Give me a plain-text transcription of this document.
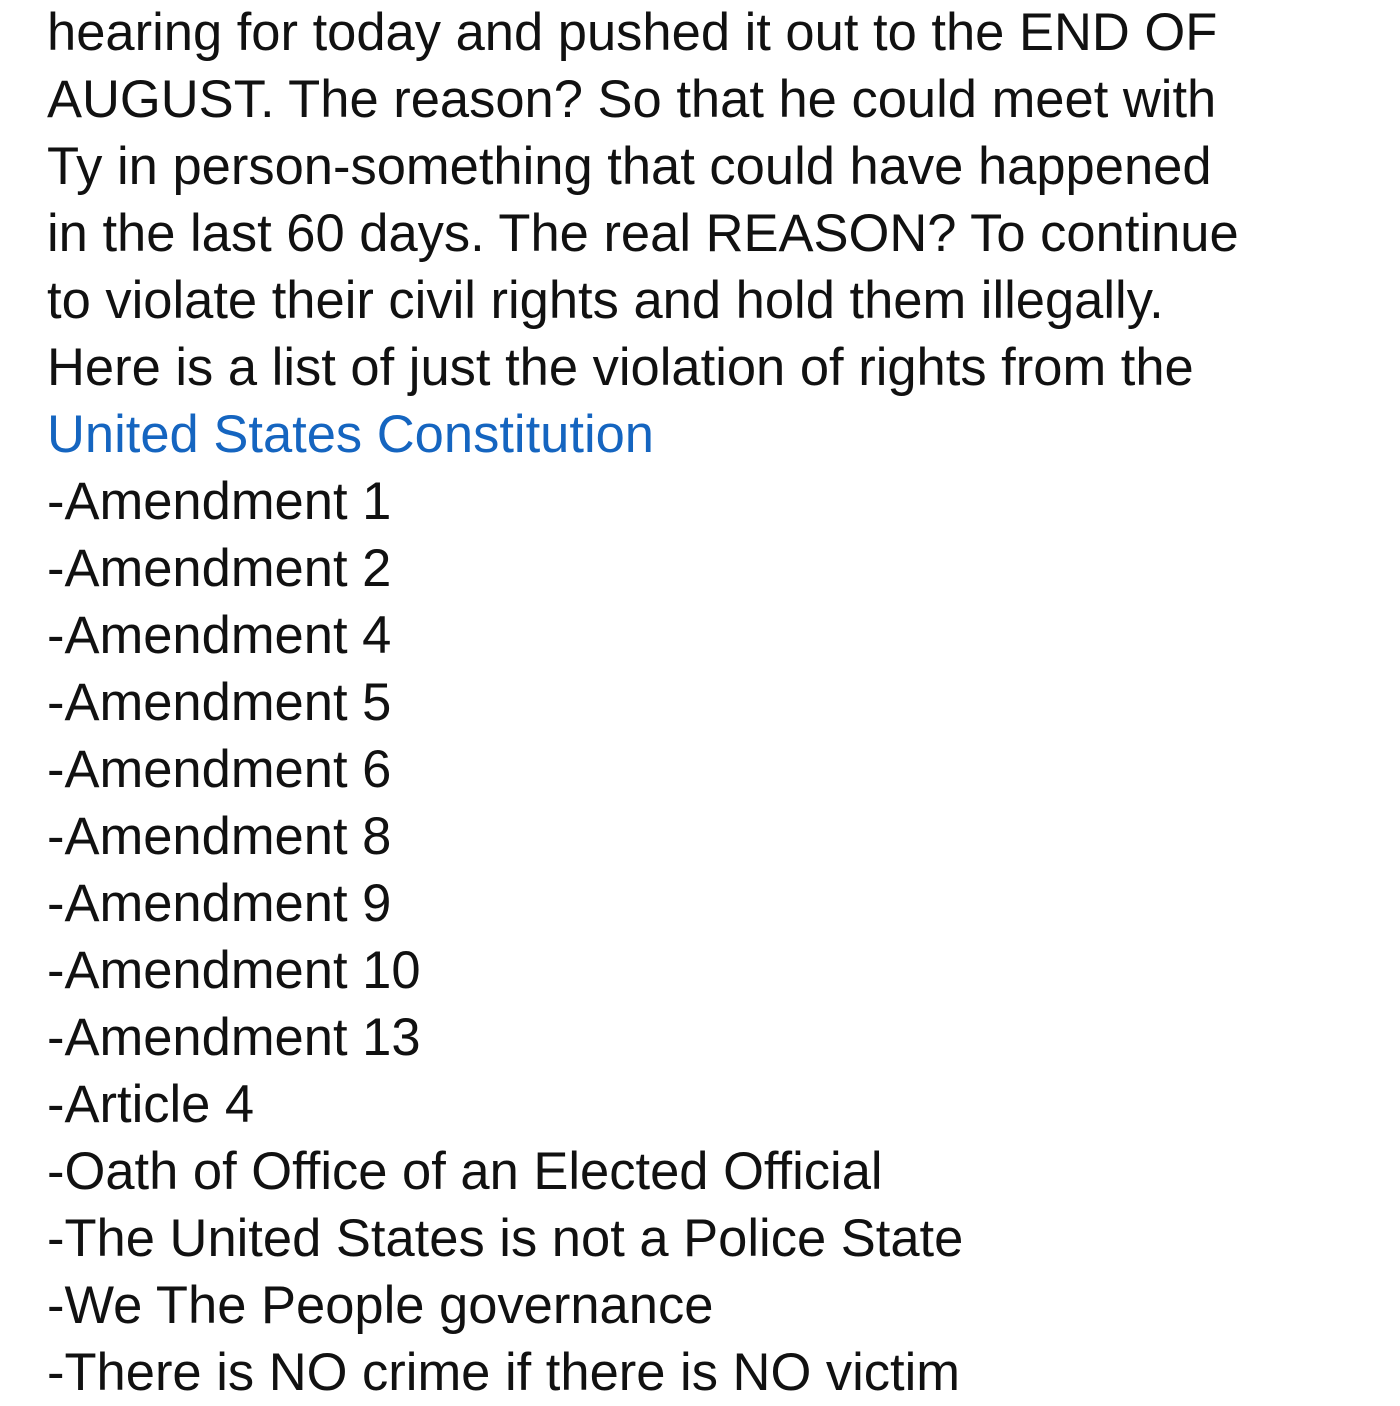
hearing for today and pushed it out to the END OF
AUGUST. The reason? So that he could meet with
Ty in person-something that could have happened
in the last 60 days. The real REASON? To continue
to violate their civil rights and hold them illegally.
Here is a list of just the violation of rights from the
United States Constitution
-Amendment 1
-Amendment 2
-Amendment 4
-Amendment 5
-Amendment 6
-Amendment 8
-Amendment 9
-Amendment 10
-Amendment 13
-Article 4
-Oath of Office of an Elected Official
-The United States is not a Police State
-We The People governance
-There is NO crime if there is NO victim
